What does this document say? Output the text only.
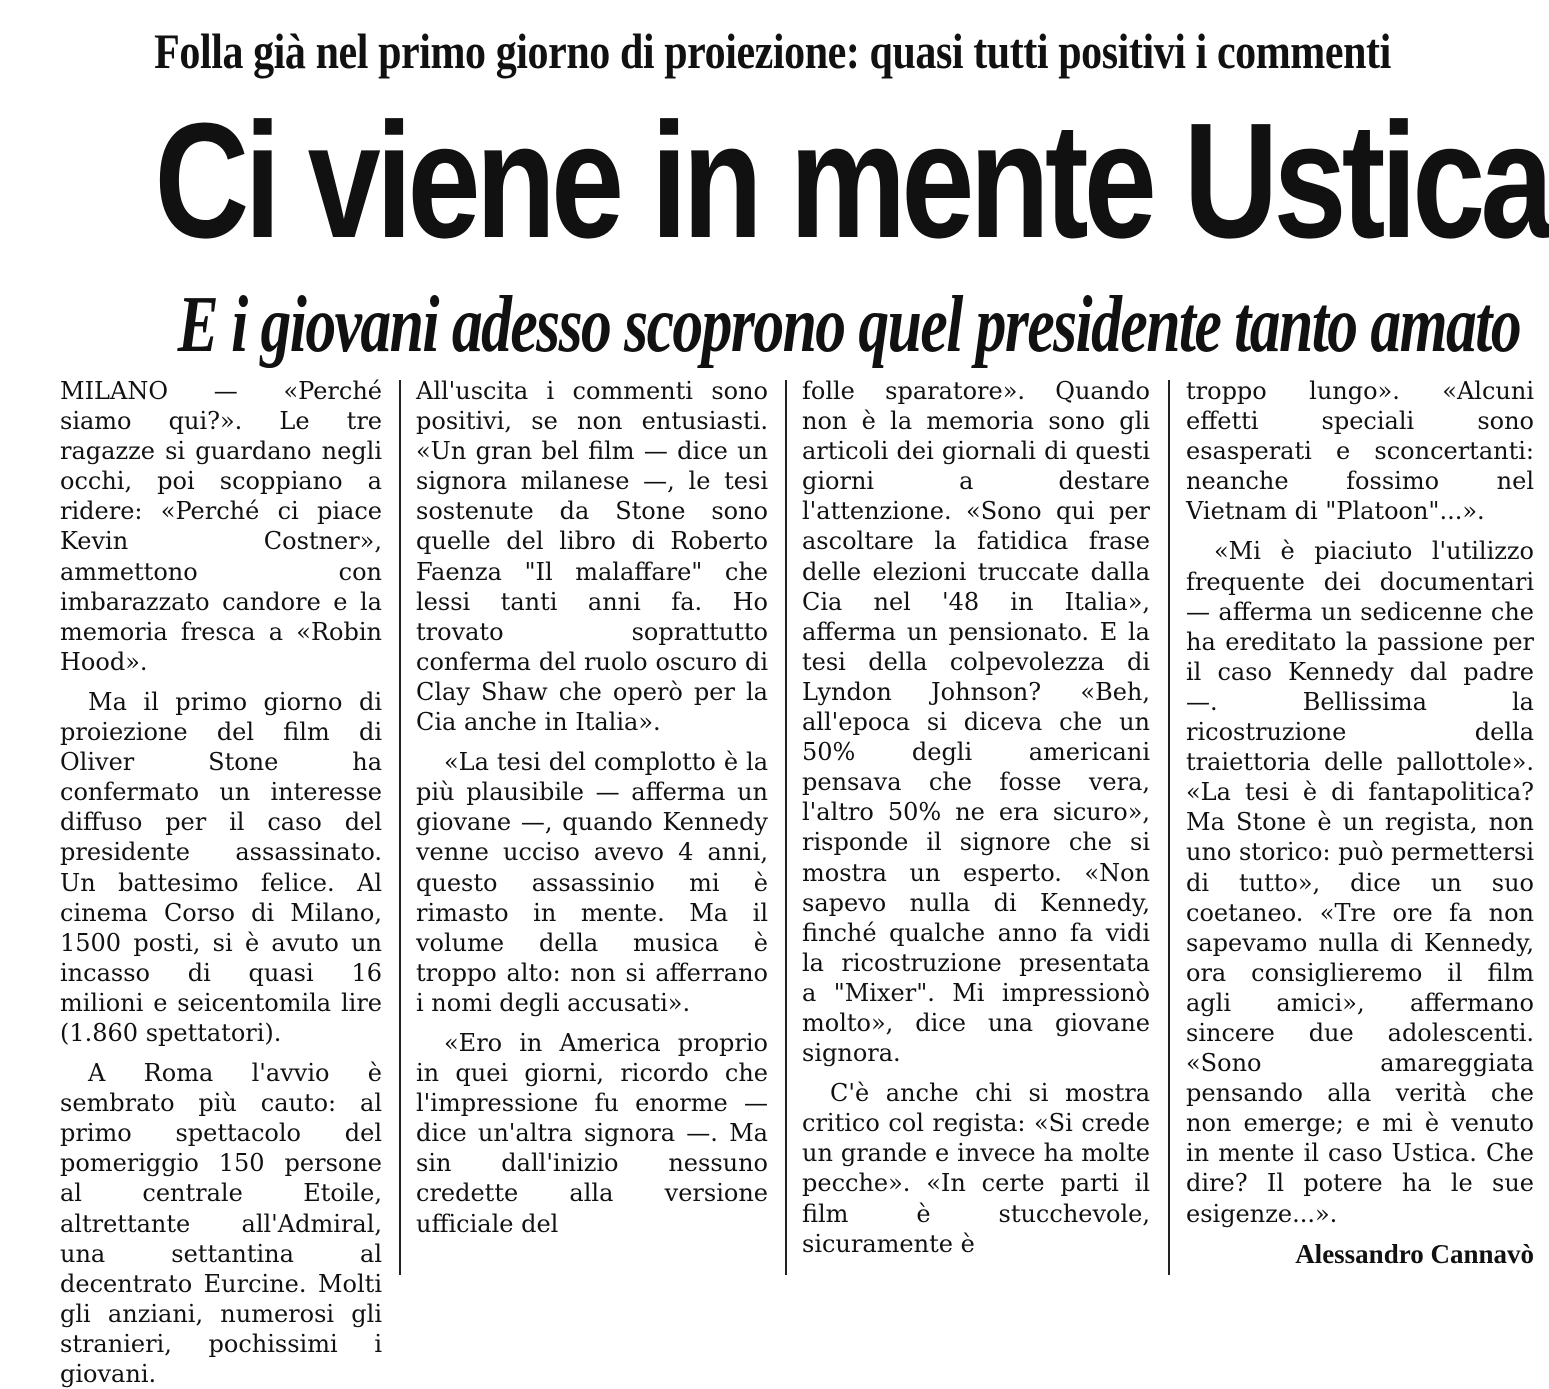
Folla già nel primo giorno di proiezione: quasi tutti positivi i commenti
Ci viene in mente Ustica
E i giovani adesso scoprono quel presidente tanto amato

MILANO — «Perché siamo qui?». Le tre ragazze si guardano negli occhi, poi scoppiano a ridere: «Perché ci piace Kevin Costner», ammettono con imbarazzato candore e la memoria fresca a «Robin Hood».

Ma il primo giorno di proiezione del film di Oliver Stone ha confermato un interesse diffuso per il caso del presidente assassinato. Un battesimo felice. Al cinema Corso di Milano, 1500 posti, si è avuto un incasso di quasi 16 milioni e seicentomila lire (1.860 spettatori).

A Roma l'avvio è sembrato più cauto: al primo spettacolo del pomeriggio 150 persone al centrale Etoile, altrettante all'Admiral, una settantina al decentrato Eurcine. Molti gli anziani, numerosi gli stranieri, pochissimi i giovani.

All'uscita i commenti sono positivi, se non entusiasti. «Un gran bel film — dice un signora milanese —, le tesi sostenute da Stone sono quelle del libro di Roberto Faenza "Il malaffare" che lessi tanti anni fa. Ho trovato soprattutto conferma del ruolo oscuro di Clay Shaw che operò per la Cia anche in Italia».

«La tesi del complotto è la più plausibile — afferma un giovane —, quando Kennedy venne ucciso avevo 4 anni, questo assassinio mi è rimasto in mente. Ma il volume della musica è troppo alto: non si afferrano i nomi degli accusati».

«Ero in America proprio in quei giorni, ricordo che l'impressione fu enorme — dice un'altra signora —. Ma sin dall'inizio nessuno credette alla versione ufficiale del

folle sparatore». Quando non è la memoria sono gli articoli dei giornali di questi giorni a destare l'attenzione. «Sono qui per ascoltare la fatidica frase delle elezioni truccate dalla Cia nel '48 in Italia», afferma un pensionato. E la tesi della colpevolezza di Lyndon Johnson? «Beh, all'epoca si diceva che un 50% degli americani pensava che fosse vera, l'altro 50% ne era sicuro», risponde il signore che si mostra un esperto. «Non sapevo nulla di Kennedy, finché qualche anno fa vidi la ricostruzione presentata a "Mixer". Mi impressionò molto», dice una giovane signora.

C'è anche chi si mostra critico col regista: «Si crede un grande e invece ha molte pecche». «In certe parti il film è stucchevole, sicuramente è

troppo lungo». «Alcuni effetti speciali sono esasperati e sconcertanti: neanche fossimo nel Vietnam di "Platoon"...».

«Mi è piaciuto l'utilizzo frequente dei documentari — afferma un sedicenne che ha ereditato la passione per il caso Kennedy dal padre —. Bellissima la ricostruzione della traiettoria delle pallottole». «La tesi è di fantapolitica? Ma Stone è un regista, non uno storico: può permettersi di tutto», dice un suo coetaneo. «Tre ore fa non sapevamo nulla di Kennedy, ora consiglieremo il film agli amici», affermano sincere due adolescenti. «Sono amareggiata pensando alla verità che non emerge; e mi è venuto in mente il caso Ustica. Che dire? Il potere ha le sue esigenze...».

Alessandro Cannavò
